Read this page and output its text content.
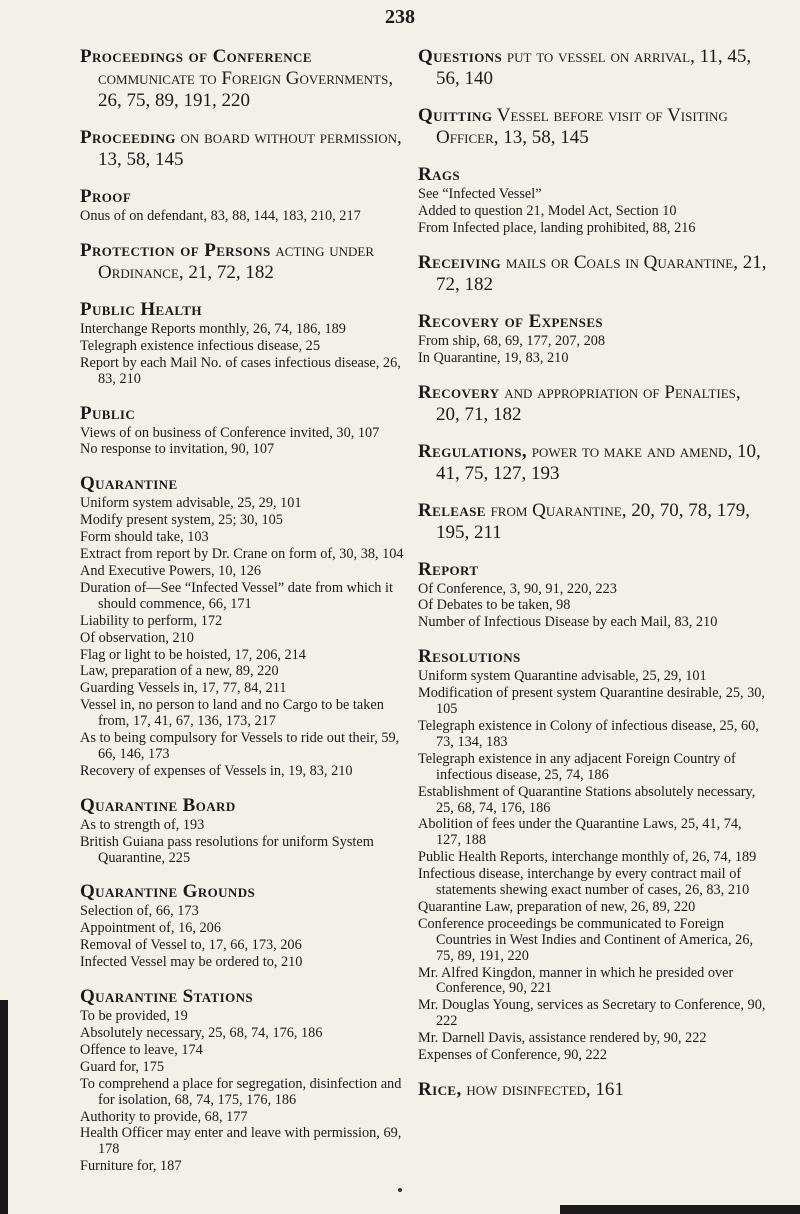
238
Proceedings of Conference communicate to Foreign Governments, 26, 75, 89, 191, 220
Proceeding on board without permission, 13, 58, 145
Proof
Onus of on defendant, 83, 88, 144, 183, 210, 217
Protection of Persons acting under Ordinance, 21, 72, 182
Public Health
Interchange Reports monthly, 26, 74, 186, 189
Telegraph existence infectious disease, 25
Report by each Mail No. of cases infectious disease, 26, 83, 210
Public
Views of on business of Conference invited, 30, 107
No response to invitation, 90, 107
Quarantine
Uniform system advisable, 25, 29, 101
Modify present system, 25; 30, 105
Form should take, 103
Extract from report by Dr. Crane on form of, 30, 38, 104
And Executive Powers, 10, 126
Duration of—See “Infected Vessel” date from which it should commence, 66, 171
Liability to perform, 172
Of observation, 210
Flag or light to be hoisted, 17, 206, 214
Law, preparation of a new, 89, 220
Guarding Vessels in, 17, 77, 84, 211
Vessel in, no person to land and no Cargo to be taken from, 17, 41, 67, 136, 173, 217
As to being compulsory for Vessels to ride out their, 59, 66, 146, 173
Recovery of expenses of Vessels in, 19, 83, 210
Quarantine Board
As to strength of, 193
British Guiana pass resolutions for uniform System Quarantine, 225
Quarantine Grounds
Selection of, 66, 173
Appointment of, 16, 206
Removal of Vessel to, 17, 66, 173, 206
Infected Vessel may be ordered to, 210
Quarantine Stations
To be provided, 19
Absolutely necessary, 25, 68, 74, 176, 186
Offence to leave, 174
Guard for, 175
To comprehend a place for segregation, disinfection and for isolation, 68, 74, 175, 176, 186
Authority to provide, 68, 177
Health Officer may enter and leave with permission, 69, 178
Furniture for, 187
Questions put to vessel on arrival, 11, 45, 56, 140
Quitting Vessel before visit of Visiting Officer, 13, 58, 145
Rags
See “Infected Vessel”
Added to question 21, Model Act, Section 10
From Infected place, landing prohibited, 88, 216
Receiving mails or Coals in Quarantine, 21, 72, 182
Recovery of Expenses
From ship, 68, 69, 177, 207, 208
In Quarantine, 19, 83, 210
Recovery and appropriation of Penalties, 20, 71, 182
Regulations, power to make and amend, 10, 41, 75, 127, 193
Release from Quarantine, 20, 70, 78, 179, 195, 211
Report
Of Conference, 3, 90, 91, 220, 223
Of Debates to be taken, 98
Number of Infectious Disease by each Mail, 83, 210
Resolutions
Uniform system Quarantine advisable, 25, 29, 101
Modification of present system Quarantine desirable, 25, 30, 105
Telegraph existence in Colony of infectious disease, 25, 60, 73, 134, 183
Telegraph existence in any adjacent Foreign Country of infectious disease, 25, 74, 186
Establishment of Quarantine Stations absolutely necessary, 25, 68, 74, 176, 186
Abolition of fees under the Quarantine Laws, 25, 41, 74, 127, 188
Public Health Reports, interchange monthly of, 26, 74, 189
Infectious disease, interchange by every contract mail of statements shewing exact number of cases, 26, 83, 210
Quarantine Law, preparation of new, 26, 89, 220
Conference proceedings be communicated to Foreign Countries in West Indies and Continent of America, 26, 75, 89, 191, 220
Mr. Alfred Kingdon, manner in which he presided over Conference, 90, 221
Mr. Douglas Young, services as Secretary to Conference, 90, 222
Mr. Darnell Davis, assistance rendered by, 90, 222
Expenses of Conference, 90, 222
Rice, how disinfected, 161
